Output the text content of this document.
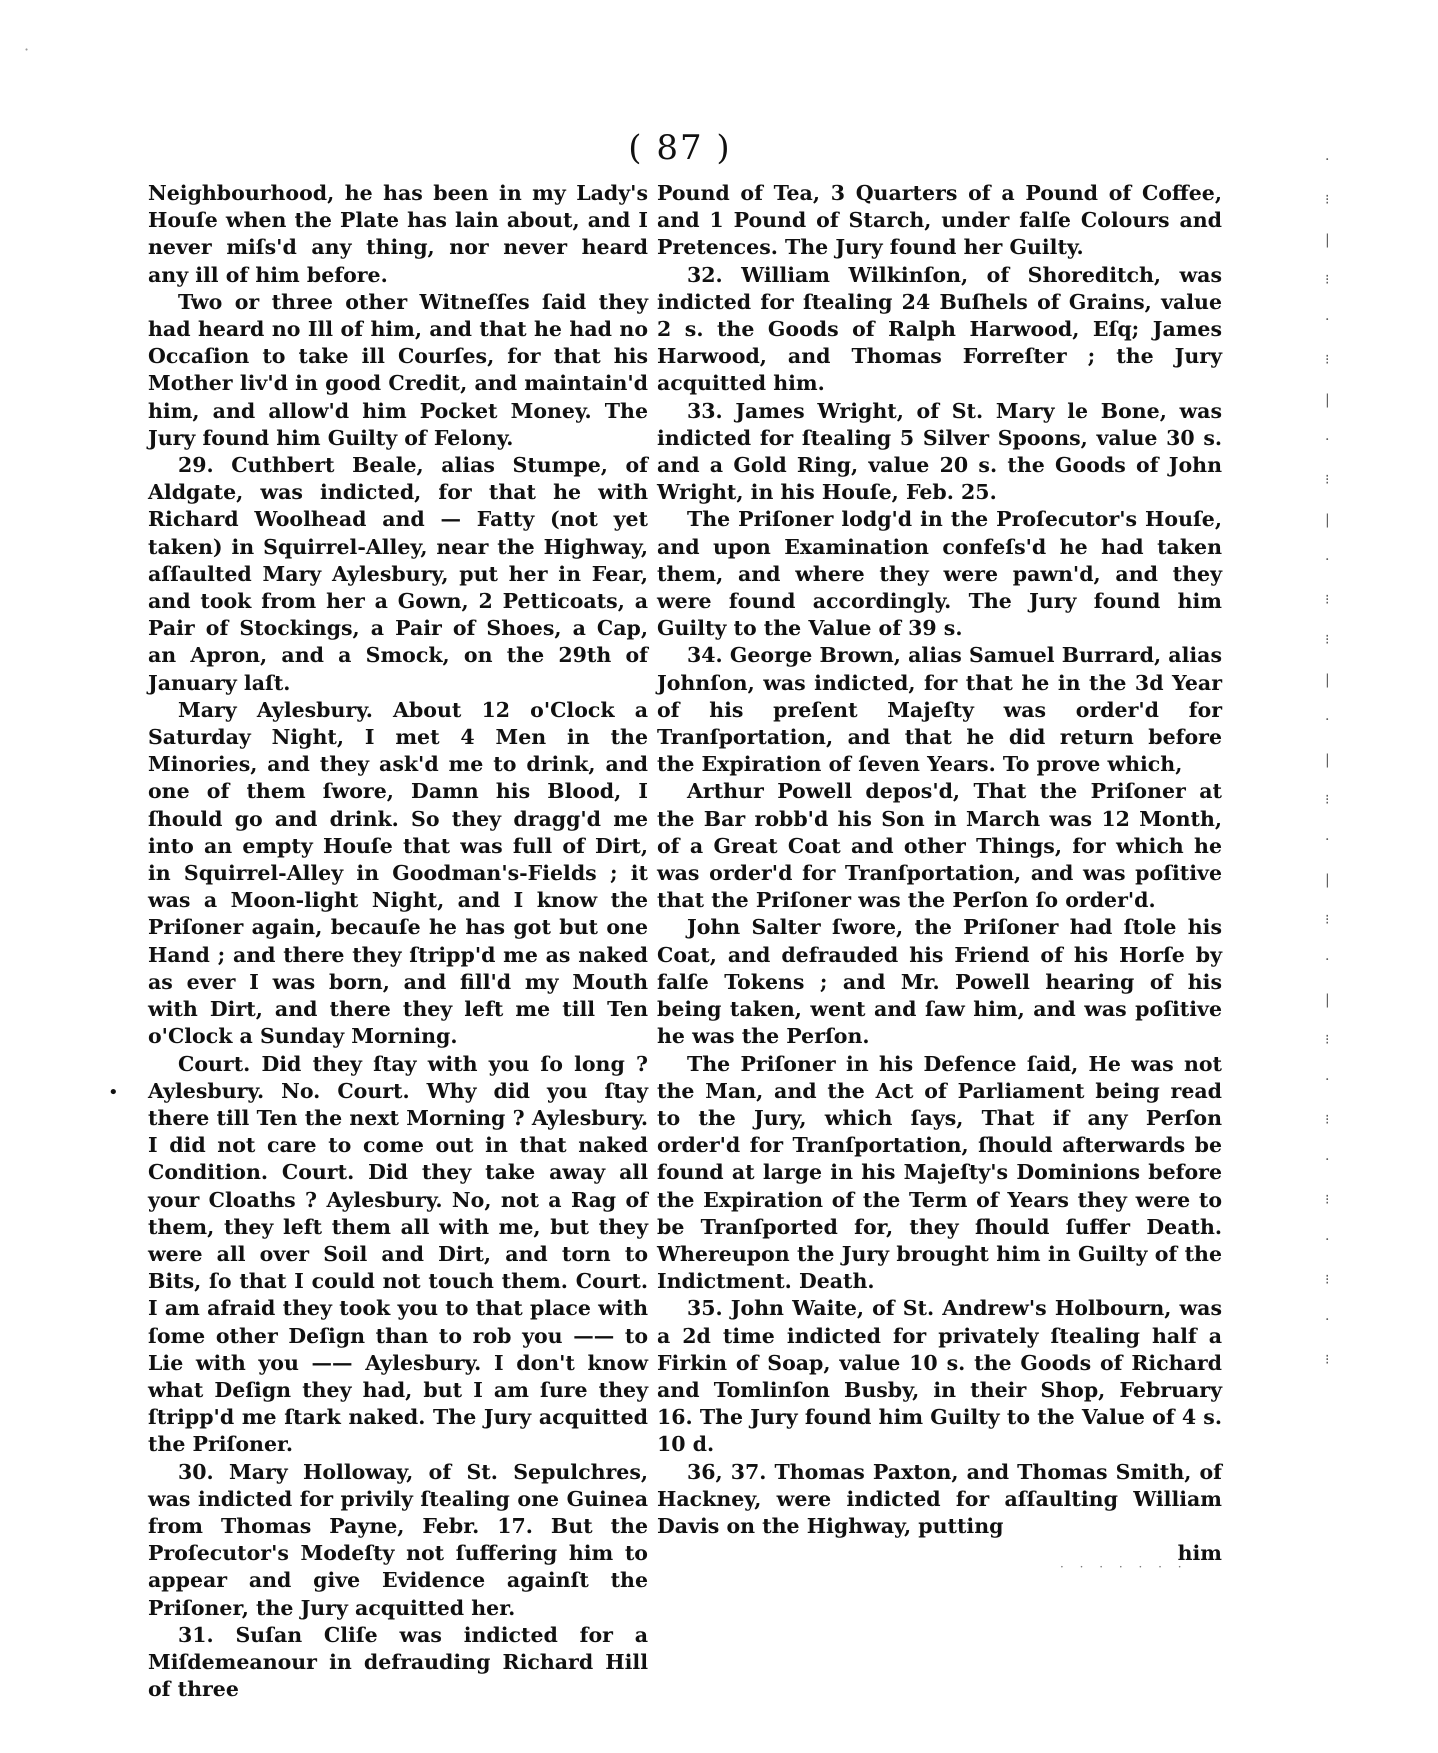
·
( 87 )

Neighbourhood, he has been in my Lady's Houſe when the Plate has lain about, and I never miſs'd any thing, nor never heard any ill of him before.

Two or three other Witneſſes ſaid they had heard no Ill of him, and that he had no Occaſion to take ill Courſes, for that his Mother liv'd in good Credit, and maintain'd him, and allow'd him Pocket Money. The Jury found him Guilty of Felony.

29. Cuthbert Beale, alias Stumpe, of Aldgate, was indicted, for that he with Richard Woolhead and — Fatty (not yet taken) in Squirrel-Alley, near the Highway, aſſaulted Mary Aylesbury, put her in Fear, and took from her a Gown, 2 Petticoats, a Pair of Stockings, a Pair of Shoes, a Cap, an Apron, and a Smock, on the 29th of January laſt.

Mary Aylesbury. About 12 o'Clock a Saturday Night, I met 4 Men in the Minories, and they ask'd me to drink, and one of them ſwore, Damn his Blood, I ſhould go and drink. So they dragg'd me into an empty Houſe that was full of Dirt, in Squirrel-Alley in Goodman's-Fields ; it was a Moon-light Night, and I know the Priſoner again, becauſe he has got but one Hand ; and there they ſtripp'd me as naked as ever I was born, and fill'd my Mouth with Dirt, and there they left me till Ten o'Clock a Sunday Morning.

Court. Did they ſtay with you ſo long ? Aylesbury. No. Court. Why did you ſtay there till Ten the next Morning ? Aylesbury. I did not care to come out in that naked Condition. Court. Did they take away all your Cloaths ? Aylesbury. No, not a Rag of them, they left them all with me, but they were all over Soil and Dirt, and torn to Bits, ſo that I could not touch them. Court. I am afraid they took you to that place with ſome other Deſign than to rob you —— to Lie with you —— Aylesbury. I don't know what Deſign they had, but I am ſure they ſtripp'd me ſtark naked. The Jury acquitted the Priſoner.

30. Mary Holloway, of St. Sepulchres, was indicted for privily ſtealing one Guinea from Thomas Payne, Febr. 17. But the Proſecutor's Modeſty not ſuffering him to appear and give Evidence againſt the Priſoner, the Jury acquitted her.

31. Suſan Cliſe was indicted for a Miſdemeanour in defrauding Richard Hill of three

Pound of Tea, 3 Quarters of a Pound of Coffee, and 1 Pound of Starch, under falſe Colours and Pretences. The Jury found her Guilty.

32. William Wilkinſon, of Shoreditch, was indicted for ſtealing 24 Buſhels of Grains, value 2 s. the Goods of Ralph Harwood, Eſq; James Harwood, and Thomas Forreſter ; the Jury acquitted him.

33. James Wright, of St. Mary le Bone, was indicted for ſtealing 5 Silver Spoons, value 30 s. and a Gold Ring, value 20 s. the Goods of John Wright, in his Houſe, Feb. 25.

The Priſoner lodg'd in the Proſecutor's Houſe, and upon Examination confeſs'd he had taken them, and where they were pawn'd, and they were found accordingly. The Jury found him Guilty to the Value of 39 s.

34. George Brown, alias Samuel Burrard, alias Johnſon, was indicted, for that he in the 3d Year of his preſent Majeſty was order'd for Tranſportation, and that he did return before the Expiration of ſeven Years. To prove which,

Arthur Powell depos'd, That the Priſoner at the Bar robb'd his Son in March was 12 Month, of a Great Coat and other Things, for which he was order'd for Tranſportation, and was poſitive that the Priſoner was the Perſon ſo order'd.

John Salter ſwore, the Priſoner had ſtole his Coat, and defrauded his Friend of his Horſe by falſe Tokens ; and Mr. Powell hearing of his being taken, went and ſaw him, and was poſitive he was the Perſon.

The Priſoner in his Defence ſaid, He was not the Man, and the Act of Parliament being read to the Jury, which ſays, That if any Perſon order'd for Tranſportation, ſhould afterwards be found at large in his Majeſty's Dominions before the Expiration of the Term of Years they were to be Tranſported for, they ſhould ſuffer Death. Whereupon the Jury brought him in Guilty of the Indictment. Death.

35. John Waite, of St. Andrew's Holbourn, was a 2d time indicted for privately ſtealing half a Firkin of Soap, value 10 s. the Goods of Richard and Tomlinſon Busby, in their Shop, February 16. The Jury found him Guilty to the Value of 4 s. 10 d.

36, 37. Thomas Paxton, and Thomas Smith, of Hackney, were indicted for aſſaulting William Davis on the Highway, putting

him

•
·
⁝
|
⁝
·
⁝
|
·
⁝
|
·
⁝
⁝
|
·
|
⁝
·
|
⁝
·
|
⁝
·
⁝
·
⁝
·
⁝
·
⁝
· · · · · · ·
